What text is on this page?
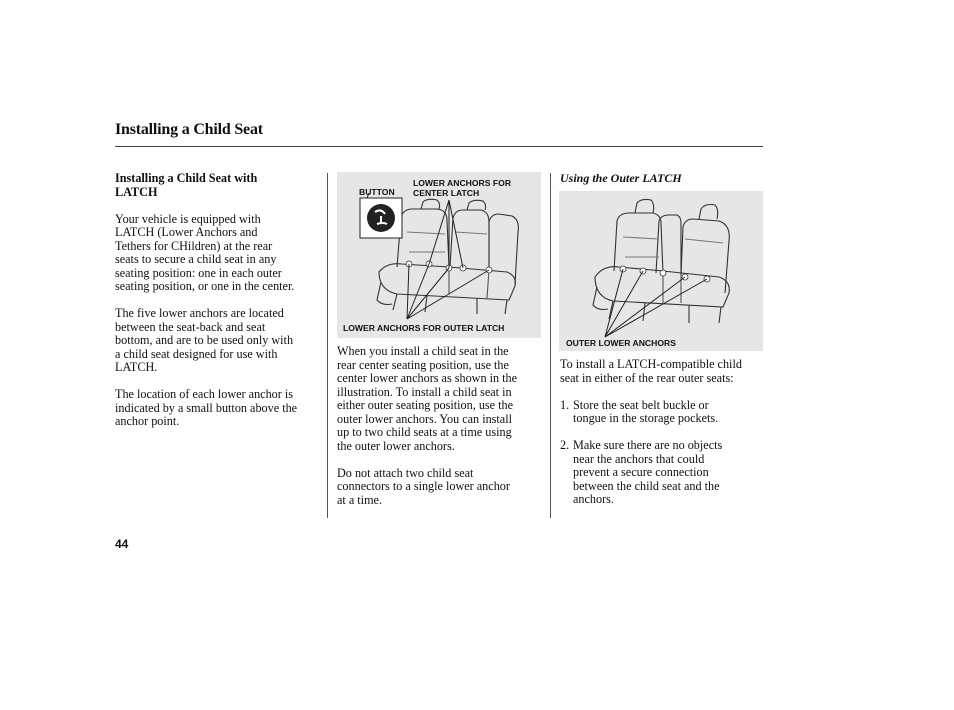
Installing a Child Seat

Installing a Child Seat with
LATCH

Your vehicle is equipped with
LATCH (Lower Anchors and
Tethers for CHildren) at the rear
seats to secure a child seat in any
seating position: one in each outer
seating position, or one in the center.

The five lower anchors are located
between the seat-back and seat
bottom, and are to be used only with
a child seat designed for use with
LATCH.

The location of each lower anchor is
indicated by a small button above the
anchor point.

BUTTON
LOWER ANCHORS FOR
CENTER LATCH
LOWER ANCHORS FOR OUTER LATCH

When you install a child seat in the
rear center seating position, use the
center lower anchors as shown in the
illustration. To install a child seat in
either outer seating position, use the
outer lower anchors. You can install
up to two child seats at a time using
the outer lower anchors.

Do not attach two child seat
connectors to a single lower anchor
at a time.

Using the Outer LATCH

OUTER LOWER ANCHORS

To install a LATCH-compatible child
seat in either of the rear outer seats:

1. Store the seat belt buckle or
tongue in the storage pockets.
2. Make sure there are no objects
near the anchors that could
prevent a secure connection
between the child seat and the
anchors.
44
